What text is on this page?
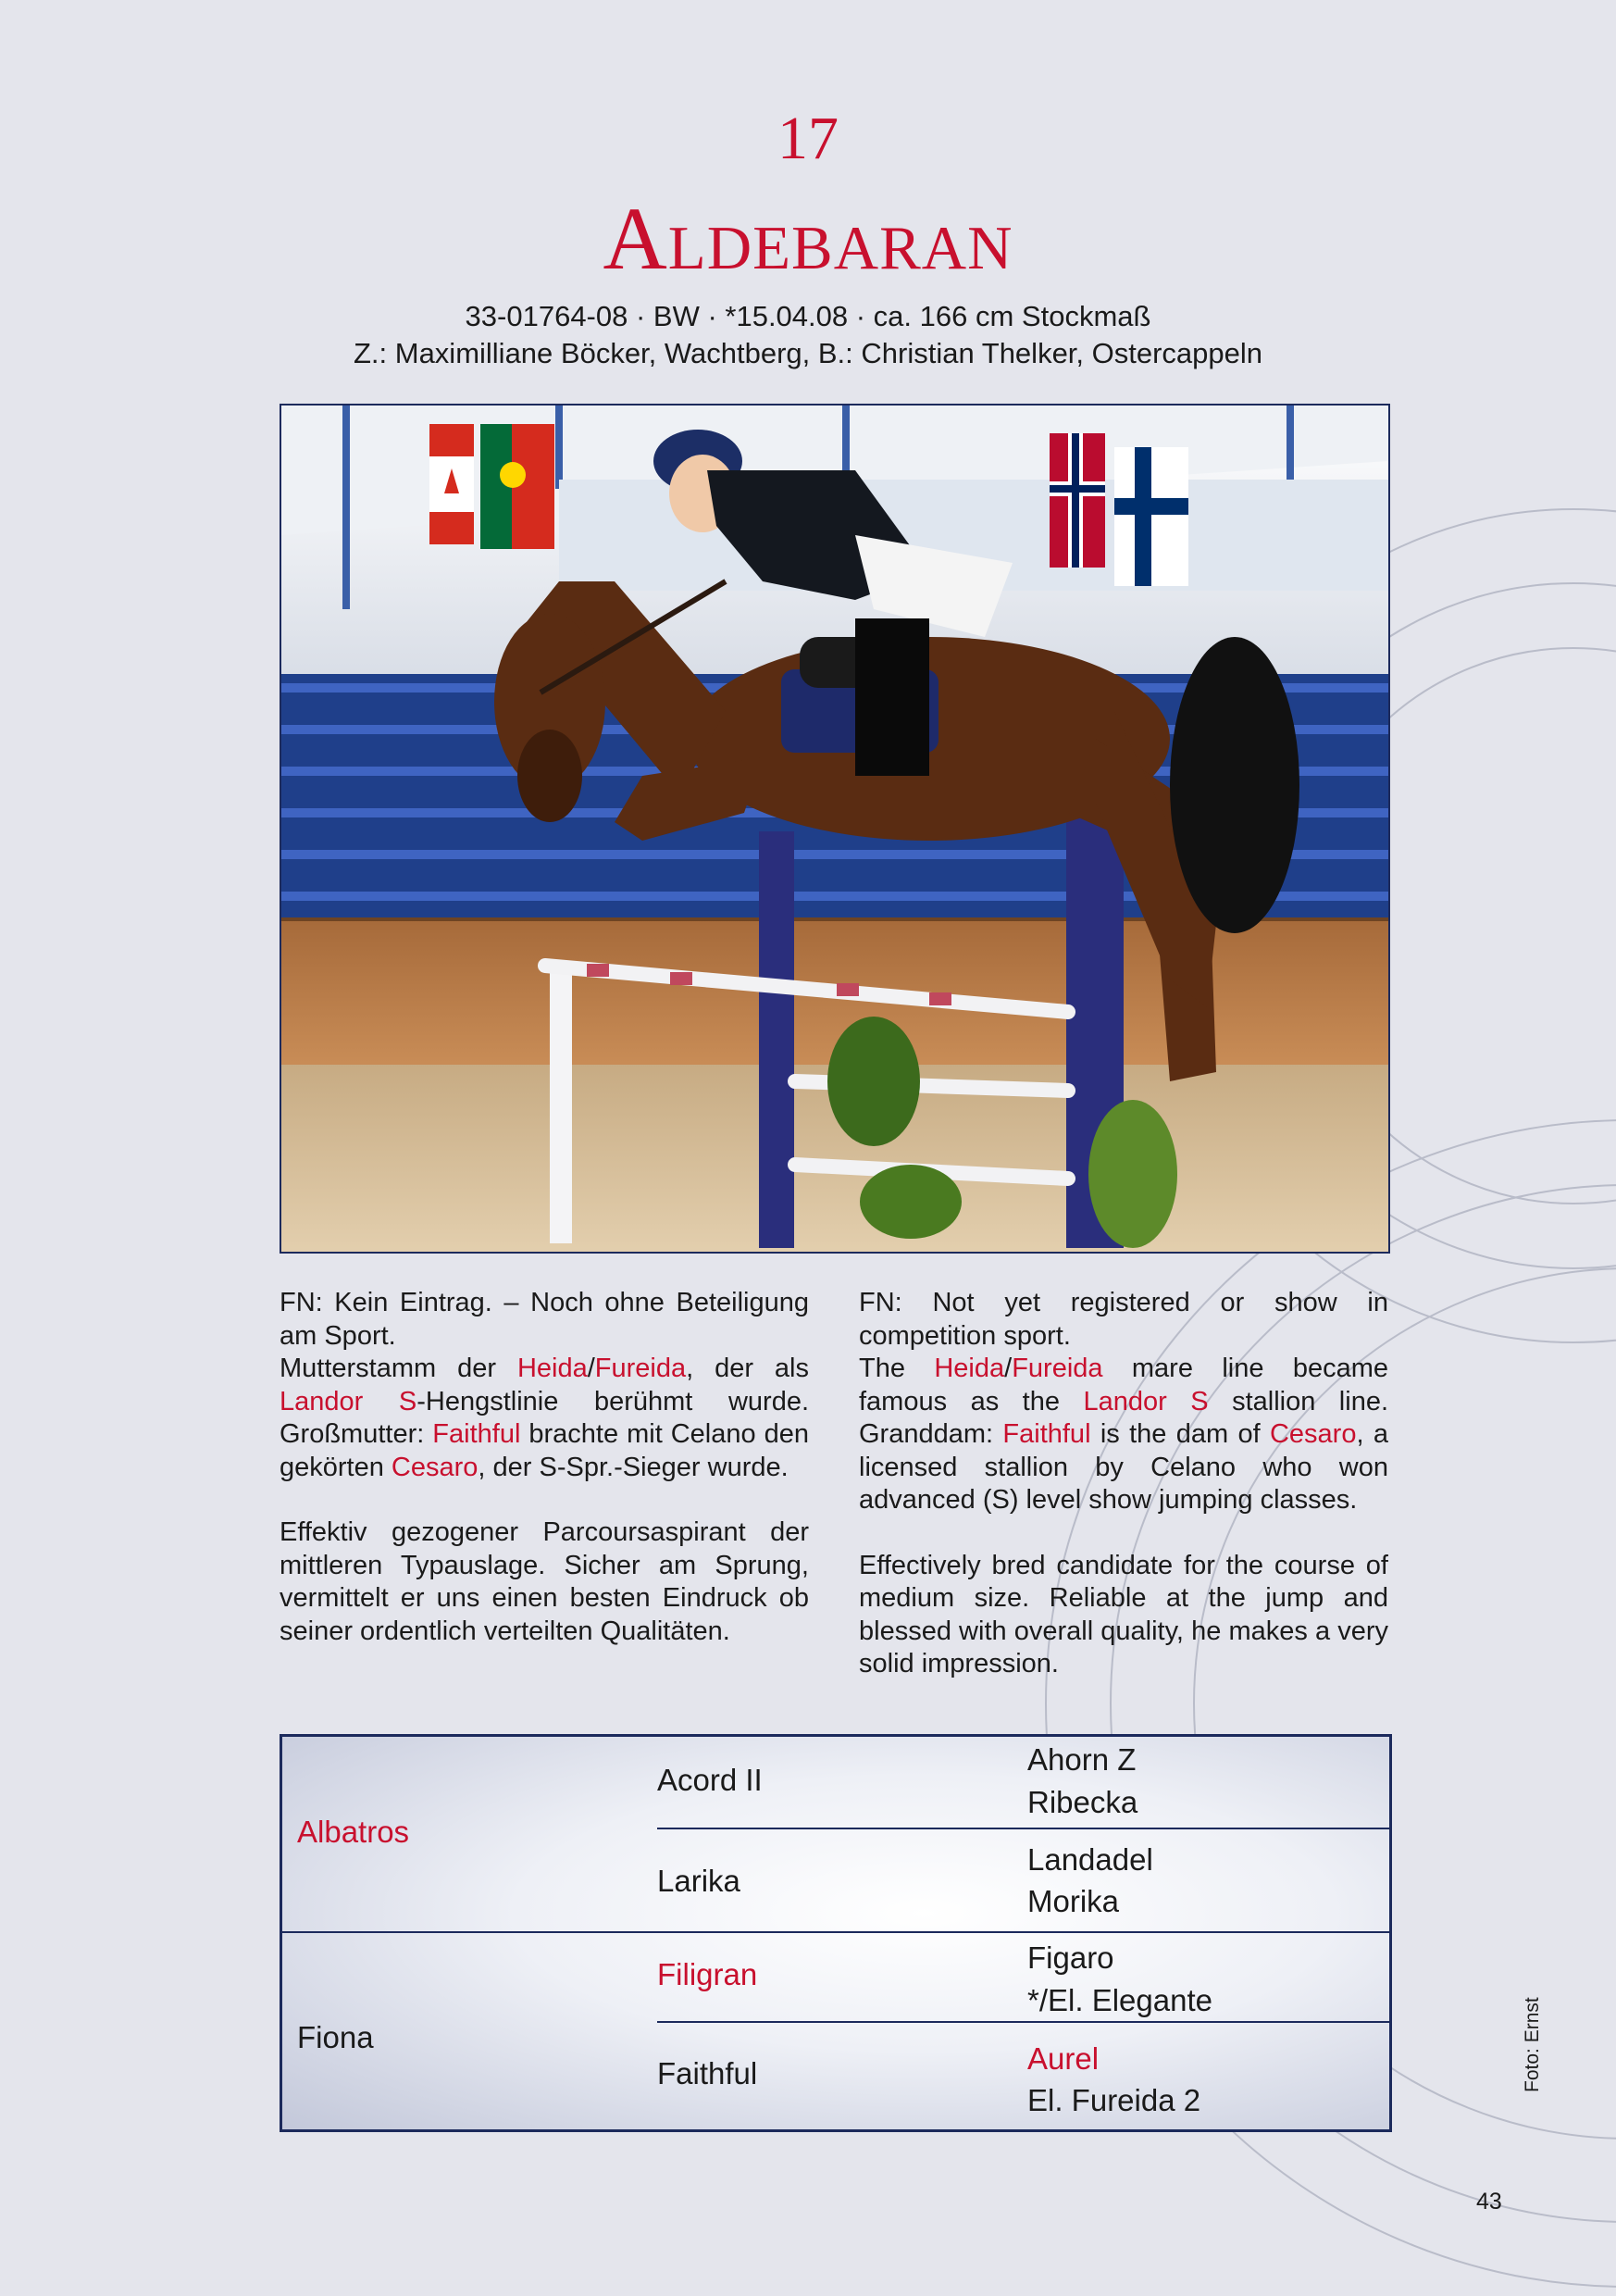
17
Aldebaran
33-01764-08 · BW · *15.04.08 · ca. 166 cm Stockmaß
Z.: Maximilliane Böcker, Wachtberg, B.: Christian Thelker, Ostercappeln

FN: Kein Eintrag. – Noch ohne Beteiligung am Sport.
Mutterstamm der Heida/Fureida, der als Landor S-Hengstlinie berühmt wurde. Großmutter: Faithful brachte mit Celano den gekörten Cesaro, der S-Spr.-Sieger wurde.

Effektiv gezogener Parcoursaspirant der mittleren Typauslage. Sicher am Sprung, vermittelt er uns einen besten Eindruck ob seiner ordentlich verteilten Qualitäten.

FN: Not yet registered or show in competition sport.
The Heida/Fureida mare line became famous as the Landor S stallion line. Granddam: Faithful is the dam of Cesaro, a licensed stallion by Celano who won advanced (S) level show jumping classes.

Effectively bred candidate for the course of medium size. Reliable at the jump and blessed with overall quality, he makes a very solid impression.

Albatros
Fiona
Acord II
Larika
Filigran
Faithful
Ahorn Z
Ribecka
Landadel
Morika
Figaro
*/El. Elegante
Aurel
El. Fureida 2
Foto: Ernst
43
